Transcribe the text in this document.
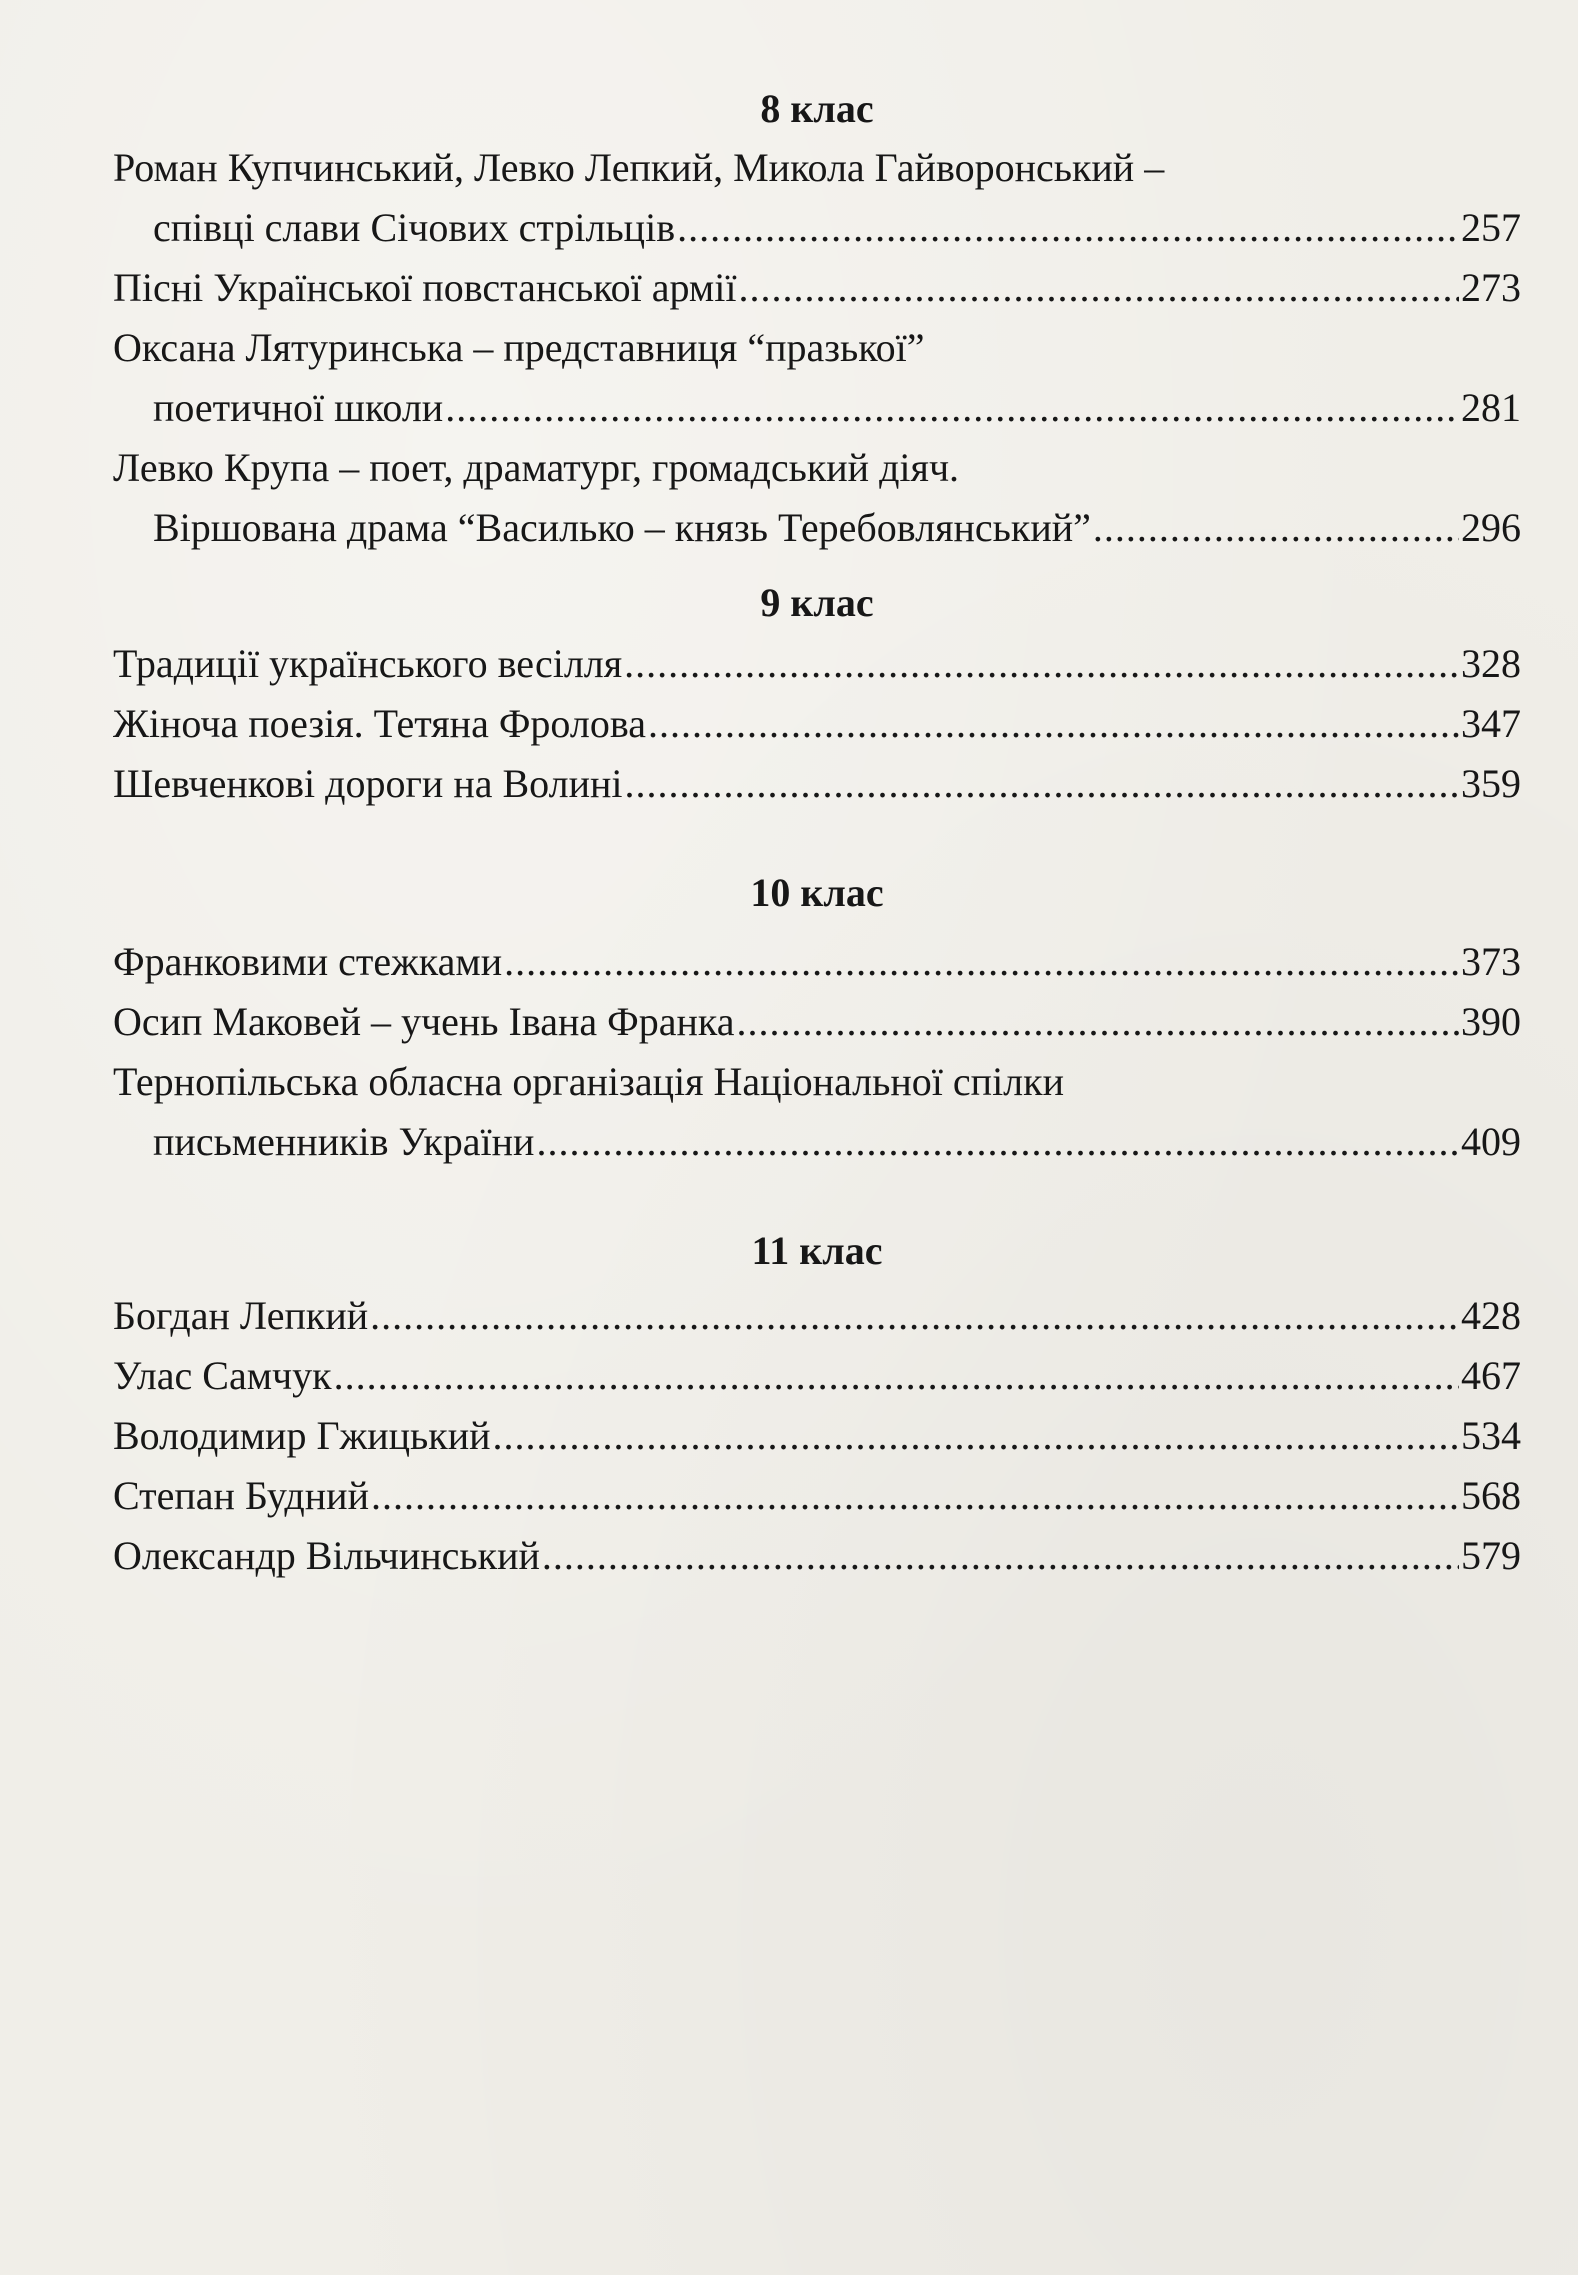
8 клас
Роман Купчинський, Левко Лепкий, Микола Гайворонський –
співці слави Січових стрільців .....	257
Пісні Української повстанської армії .....	273
Оксана Лятуринська – представниця “празької”
поетичної школи .....	281
Левко Крупа – поет, драматург, громадський діяч.
Віршована драма “Василько – князь Теребовлянський” .....	296
9 клас
Традиції українського весілля .....	328
Жіноча поезія. Тетяна Фролова .....	347
Шевченкові дороги на Волині .....	359
10 клас
Франковими стежками .....	373
Осип Маковей – учень Івана Франка .....	390
Тернопільська обласна організація Національної спілки
письменників України .....	409
11 клас
Богдан Лепкий .....	428
Улас Самчук .....	467
Володимир Гжицький .....	534
Степан Будний .....	568
Олександр Вільчинський .....	579
